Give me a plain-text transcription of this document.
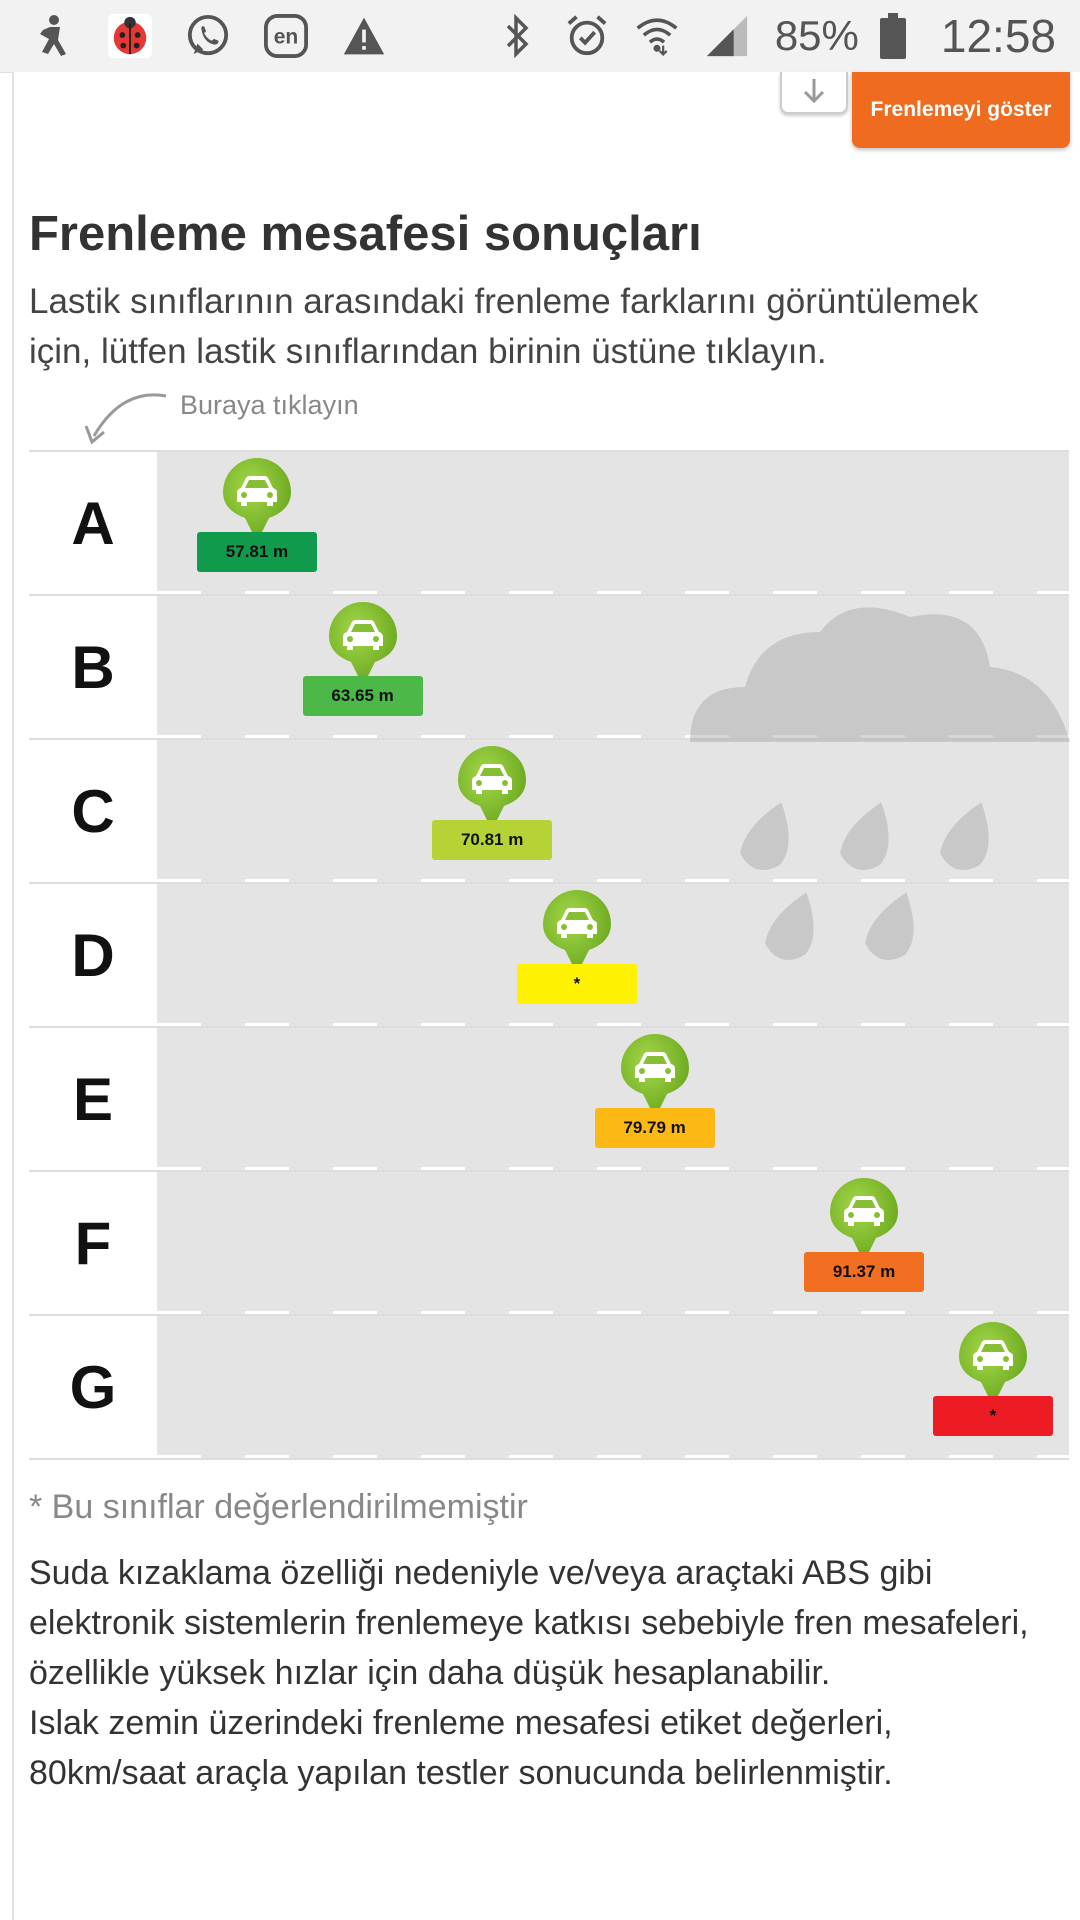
en	85% 12:58
Frenlemeyi göster
Frenleme mesafesi sonuçları

Lastik sınıflarının arasındaki frenleme farklarını görüntülemek için, lütfen lastik sınıflarından birinin üstüne tıklayın.

Buraya tıklayın
A	57.81 m
B	63.65 m
C	70.81 m
D	*
E	79.79 m
F	91.37 m
G	*

* Bu sınıflar değerlendirilmemiştir

Suda kızaklama özelliği nedeniyle ve/veya araçtaki ABS gibi elektronik sistemlerin frenlemeye katkısı sebebiyle fren mesafeleri, özellikle yüksek hızlar için daha düşük hesaplanabilir.

Islak zemin üzerindeki frenleme mesafesi etiket değerleri, 80km/saat araçla yapılan testler sonucunda belirlenmiştir.
